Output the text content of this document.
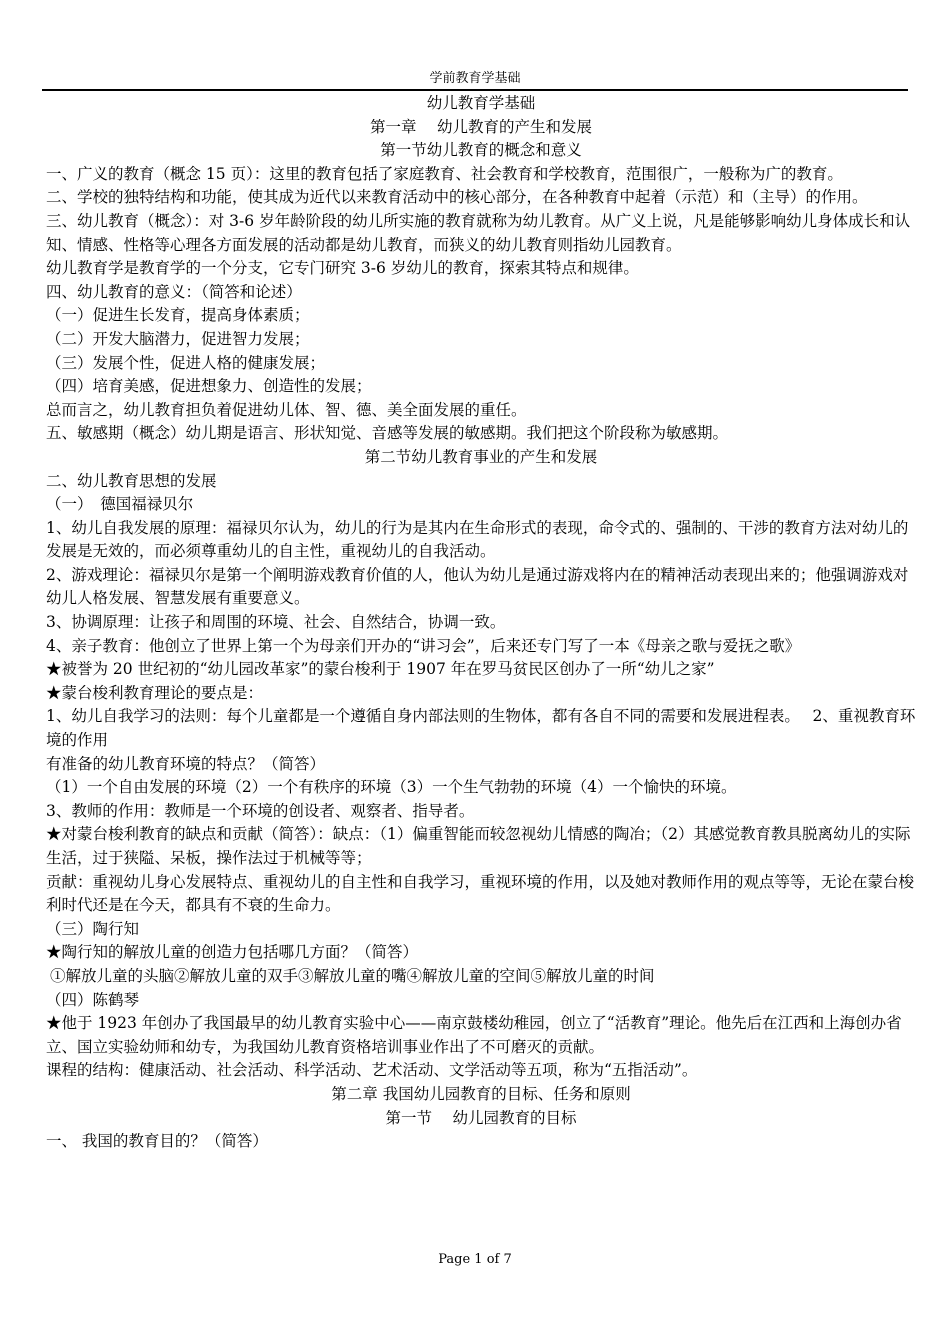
学前教育学基础

幼儿教育学基础

第一章　 幼儿教育的产生和发展

第一节幼儿教育的概念和意义

一、广义的教育（概念 15 页）：这里的教育包括了家庭教育、社会教育和学校教育，范围很广，一般称为广的教育。

二、学校的独特结构和功能，使其成为近代以来教育活动中的核心部分，在各种教育中起着（示范）和（主导）的作用。

三、幼儿教育（概念）：对 3-6 岁年龄阶段的幼儿所实施的教育就称为幼儿教育。从广义上说，凡是能够影响幼儿身体成长和认知、情感、性格等心理各方面发展的活动都是幼儿教育，而狭义的幼儿教育则指幼儿园教育。

幼儿教育学是教育学的一个分支，它专门研究 3-6 岁幼儿的教育，探索其特点和规律。

四、幼儿教育的意义：（简答和论述）

（一）促进生长发育，提高身体素质；

（二）开发大脑潜力，促进智力发展；

（三）发展个性，促进人格的健康发展；

（四）培育美感，促进想象力、创造性的发展；

总而言之，幼儿教育担负着促进幼儿体、智、德、美全面发展的重任。

五、敏感期（概念）幼儿期是语言、形状知觉、音感等发展的敏感期。我们把这个阶段称为敏感期。

第二节幼儿教育事业的产生和发展

二、幼儿教育思想的发展

（一）　德国福禄贝尔

1、幼儿自我发展的原理：福禄贝尔认为，幼儿的行为是其内在生命形式的表现，命令式的、强制的、干涉的教育方法对幼儿的发展是无效的，而必须尊重幼儿的自主性，重视幼儿的自我活动。

2、游戏理论：福禄贝尔是第一个阐明游戏教育价值的人，他认为幼儿是通过游戏将内在的精神活动表现出来的；他强调游戏对幼儿人格发展、智慧发展有重要意义。

3、协调原理：让孩子和周围的环境、社会、自然结合，协调一致。

4、亲子教育：他创立了世界上第一个为母亲们开办的“讲习会”，后来还专门写了一本《母亲之歌与爱抚之歌》

★被誉为 20 世纪初的“幼儿园改革家”的蒙台梭利于 1907 年在罗马贫民区创办了一所“幼儿之家”

★蒙台梭利教育理论的要点是：

1、幼儿自我学习的法则：每个儿童都是一个遵循自身内部法则的生物体，都有各自不同的需要和发展进程表。　 2、重视教育环境的作用

有准备的幼儿教育环境的特点？（简答）

（1）一个自由发展的环境（2）一个有秩序的环境（3）一个生气勃勃的环境（4）一个愉快的环境。

3、教师的作用：教师是一个环境的创设者、观察者、指导者。

★对蒙台梭利教育的缺点和贡献（简答）：缺点：（1）偏重智能而较忽视幼儿情感的陶冶；（2）其感觉教育教具脱离幼儿的实际生活，过于狭隘、呆板，操作法过于机械等等；

贡献：重视幼儿身心发展特点、重视幼儿的自主性和自我学习，重视环境的作用，以及她对教师作用的观点等等，无论在蒙台梭利时代还是在今天，都具有不衰的生命力。

（三）陶行知

★陶行知的解放儿童的创造力包括哪几方面？（简答）

①解放儿童的头脑②解放儿童的双手③解放儿童的嘴④解放儿童的空间⑤解放儿童的时间

（四）陈鹤琴

★他于 1923 年创办了我国最早的幼儿教育实验中心——南京鼓楼幼稚园，创立了“活教育”理论。他先后在江西和上海创办省立、国立实验幼师和幼专，为我国幼儿教育资格培训事业作出了不可磨灭的贡献。

课程的结构：健康活动、社会活动、科学活动、艺术活动、文学活动等五项，称为“五指活动”。

第二章 我国幼儿园教育的目标、任务和原则

第一节　 幼儿园教育的目标

一、 我国的教育目的？（简答）

Page 1 of 7
